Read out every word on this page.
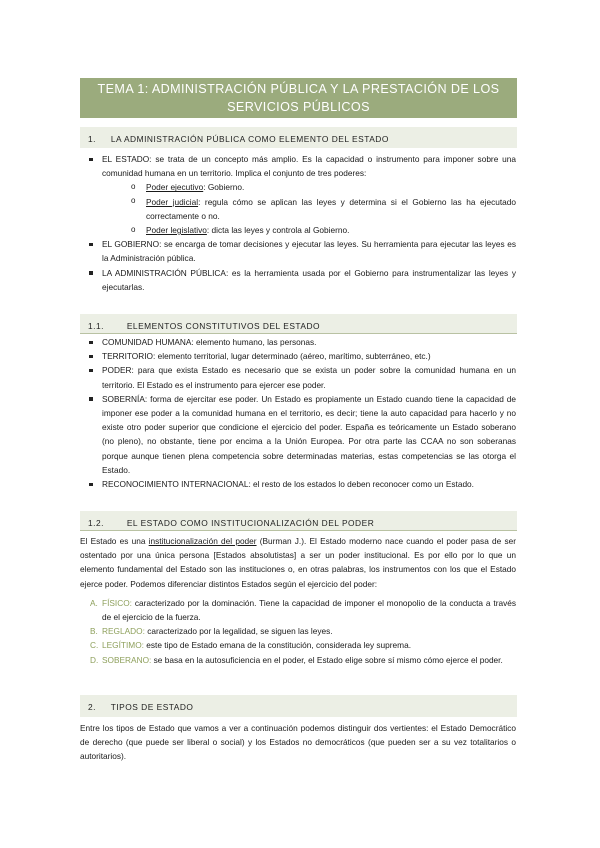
TEMA 1: ADMINISTRACIÓN PÚBLICA Y LA PRESTACIÓN DE LOS SERVICIOS PÚBLICOS
1. LA ADMINISTRACIÓN PÚBLICA COMO ELEMENTO DEL ESTADO
EL ESTADO: se trata de un concepto más amplio. Es la capacidad o instrumento para imponer sobre una comunidad humana en un territorio. Implica el conjunto de tres poderes:
o Poder ejecutivo: Gobierno.
o Poder judicial: regula cómo se aplican las leyes y determina si el Gobierno las ha ejecutado correctamente o no.
o Poder legislativo: dicta las leyes y controla al Gobierno.
EL GOBIERNO: se encarga de tomar decisiones y ejecutar las leyes. Su herramienta para ejecutar las leyes es la Administración pública.
LA ADMINISTRACIÓN PÚBLICA: es la herramienta usada por el Gobierno para instrumentalizar las leyes y ejecutarlas.
1.1.	ELEMENTOS CONSTITUTIVOS DEL ESTADO
COMUNIDAD HUMANA: elemento humano, las personas.
TERRITORIO: elemento territorial, lugar determinado (aéreo, marítimo, subterráneo, etc.)
PODER: para que exista Estado es necesario que se exista un poder sobre la comunidad humana en un territorio. El Estado es el instrumento para ejercer ese poder.
SOBERNÍA: forma de ejercitar ese poder. Un Estado es propiamente un Estado cuando tiene la capacidad de imponer ese poder a la comunidad humana en el territorio, es decir; tiene la auto capacidad para hacerlo y no existe otro poder superior que condicione el ejercicio del poder. España es teóricamente un Estado soberano (no pleno), no obstante, tiene por encima a la Unión Europea. Por otra parte las CCAA no son soberanas porque aunque tienen plena competencia sobre determinadas materias, estas competencias se las otorga el Estado.
RECONOCIMIENTO INTERNACIONAL: el resto de los estados lo deben reconocer como un Estado.
1.2.	EL ESTADO COMO INSTITUCIONALIZACIÓN DEL PODER
El Estado es una institucionalización del poder (Burman J.). El Estado moderno nace cuando el poder pasa de ser ostentado por una única persona [Estados absolutistas] a ser un poder institucional. Es por ello por lo que un elemento fundamental del Estado son las instituciones o, en otras palabras, los instrumentos con los que el Estado ejerce poder. Podemos diferenciar distintos Estados según el ejercicio del poder:
A. FÍSICO: caracterizado por la dominación. Tiene la capacidad de imponer el monopolio de la conducta a través de el ejercicio de la fuerza.
B. REGLADO: caracterizado por la legalidad, se siguen las leyes.
C. LEGÍTIMO: este tipo de Estado emana de la constitución, considerada ley suprema.
D. SOBERANO: se basa en la autosuficiencia en el poder, el Estado elige sobre sí mismo cómo ejerce el poder.
2. TIPOS DE ESTADO
Entre los tipos de Estado que vamos a ver a continuación podemos distinguir dos vertientes: el Estado Democrático de derecho (que puede ser liberal o social) y los Estados no democráticos (que pueden ser a su vez totalitarios o autoritarios).
